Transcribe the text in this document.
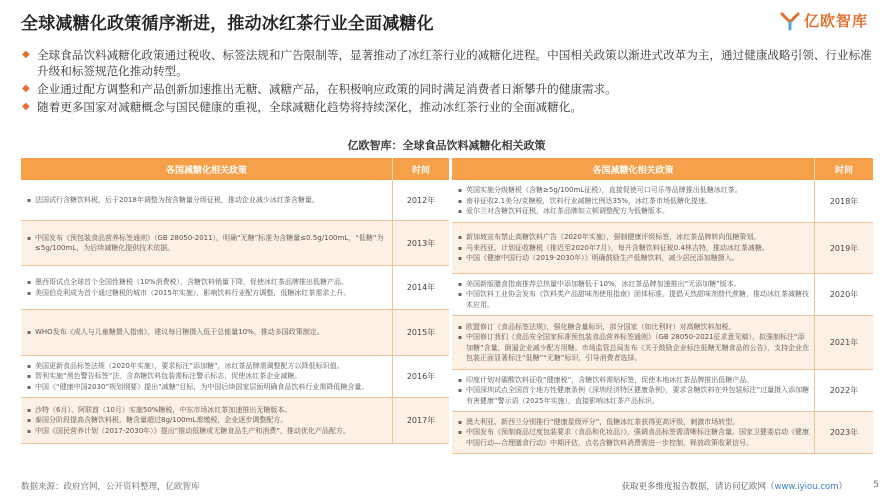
全球减糖化政策循序渐进，推动冰红茶行业全面减糖化	亿欧智库
◆ 全球食品饮料减糖化政策通过税收、标签法规和广告限制等，显著推动了冰红茶行业的减糖化进程。中国相关政策以渐进式改革为主，通过健康战略引领、行业标准升级和标签规范化推动转型。
◆ 企业通过配方调整和产品创新加速推出无糖、减糖产品，在积极响应政策的同时满足消费者日渐攀升的健康需求。
◆ 随着更多国家对减糖概念与国民健康的重视，全球减糖化趋势将持续深化，推动冰红茶行业的全面减糖化。
亿欧智库：全球食品饮料减糖化相关政策
各国减糖化相关政策	时间
▪ 法国试行含糖饮料税，后于2018年调整为按含糖量分级征税，推动企业减少冰红茶含糖量。	2012年
▪ 中国发布《预包装食品营养标签通则》（GB 28050-2011），明确“无糖”标准为含糖量≤0.5g/100mL，“低糖”为≤5g/100mL，为后续减糖化提供技术依据。
2013年
▪ 墨西哥试点全球首个全国性糖税（10%消费税），含糖饮料销量下降，促使冰红茶品牌推出低糖产品。
▪ 美国伯克利成为首个通过糖税的城市（2015年实施），影响饮料行业配方调整，低糖冰红茶需求上升。
2014年
▪ WHO发布《成人与儿童糖摄入指南》，建议每日糖摄入低于总能量10%，推动多国政策制定。	2015年
▪ 美国更新食品标签法规（2020年实施），要求标注“添加糖”，冰红茶品牌需调整配方以降低标识值。
▪ 智利实施“黑色警告标签”法，含高糖饮料包装需标注警示标志，促使冰红茶企业减糖。
▪ 中国《“健康中国2030”规划纲要》提出“减糖”目标，为中国后续国家层面明确食品饮料行业需降低糖含量。
2016年
▪ 沙特（6月）、阿联酋（10月）实施50%糖税，中东市场冰红茶加速推出无糖版本。
▪ 泰国分阶段提高含糖饮料税，糖含量超过8g/100mL需缴税，企业逐步调整配方。
▪ 中国《国民营养计划（2017-2030年）》提出“推动低糖或无糖食品生产和消费”，推动优化产品配方。
2017年
各国减糖化相关政策	时间
▪ 英国实施分级糖税（含糖≥5g/100mL征税），直接促使可口可乐等品牌推出低糖冰红茶。
▪ 南非征收2.1美分/克糖税，饮料行业减糖比例达35%，冰红茶市场低糖化提速。
▪ 爱尔兰对含糖饮料征税，冰红茶品牌如立顿调整配方为低糖版本。
2018年
▪ 新加坡宣布禁止高糖饮料广告（2020年实施），强制健康评级标签，冰红茶品牌转向低糖策划。
▪ 马来西亚、计划征收糖税（推迟至2020年7月），每升含糖饮料征税0.4林吉特，推动冰红茶减糖。
▪ 中国《健康中国行动（2019-2030年）》明确鼓励生产低糖饮料，减少居民添加糖摄入。
2019年
▪ 美国新版膳食指南推荐总热量中添加糖低于10%，冰红茶品牌加速推出“无添加糖”版本。
▪ 中国饮料工业协会发布《饮料类产品甜味剂使用指南》团体标准，提倡天然甜味剂替代蔗糖，推动冰红茶减糖技术应用。
2020年
▪ 欧盟修订《食品标签法规》，强化糖含量标识，部分国家（如比利时）对高糖饮料加税。
▪ 中国修订我们《食品安全国家标准预包装食品营养标签通则》（GB 28050-2021征求意见稿），拟强制标注“添加糖”含量，倒逼企业减少配方用糖。市场监管总局发布《关于鼓励企业标注低糖无糖食品的公告》，支持企业在包装正面显著标注“低糖”“无糖”标识，引导消费者选择。
2021年
▪ 印度计划对碳酸饮料征收“健康税”，含糖饮料需贴标签，促使本地冰红茶品牌推出低糖产品。
▪ 中国深圳试点全国首个地方性健康条例《深圳经济特区健康条例》，要求含糖饮料在外包装标注“过量摄入添加糖有害健康”警示语（2025年实施），直接影响冰红茶产品标识。
2022年
▪ 澳大利亚、新西兰分别推行“健康星级评分”，低糖冰红茶获得更高评级，刺激市场转型。
▪ 中国发布《预制商品过度包装要求（食品和化妆品）》，强调食品标签需清晰标注糖含量。国家卫健委启动《健康中国行动—合理膳食行动》中期评估，点名含糖饮料消费需进一步控制，释放政策收紧信号。
2023年
数据来源：政府官网，公开资料整理，亿欧智库	获取更多维度报告数据，请访问亿欧网（www.iyiou.com）	5
